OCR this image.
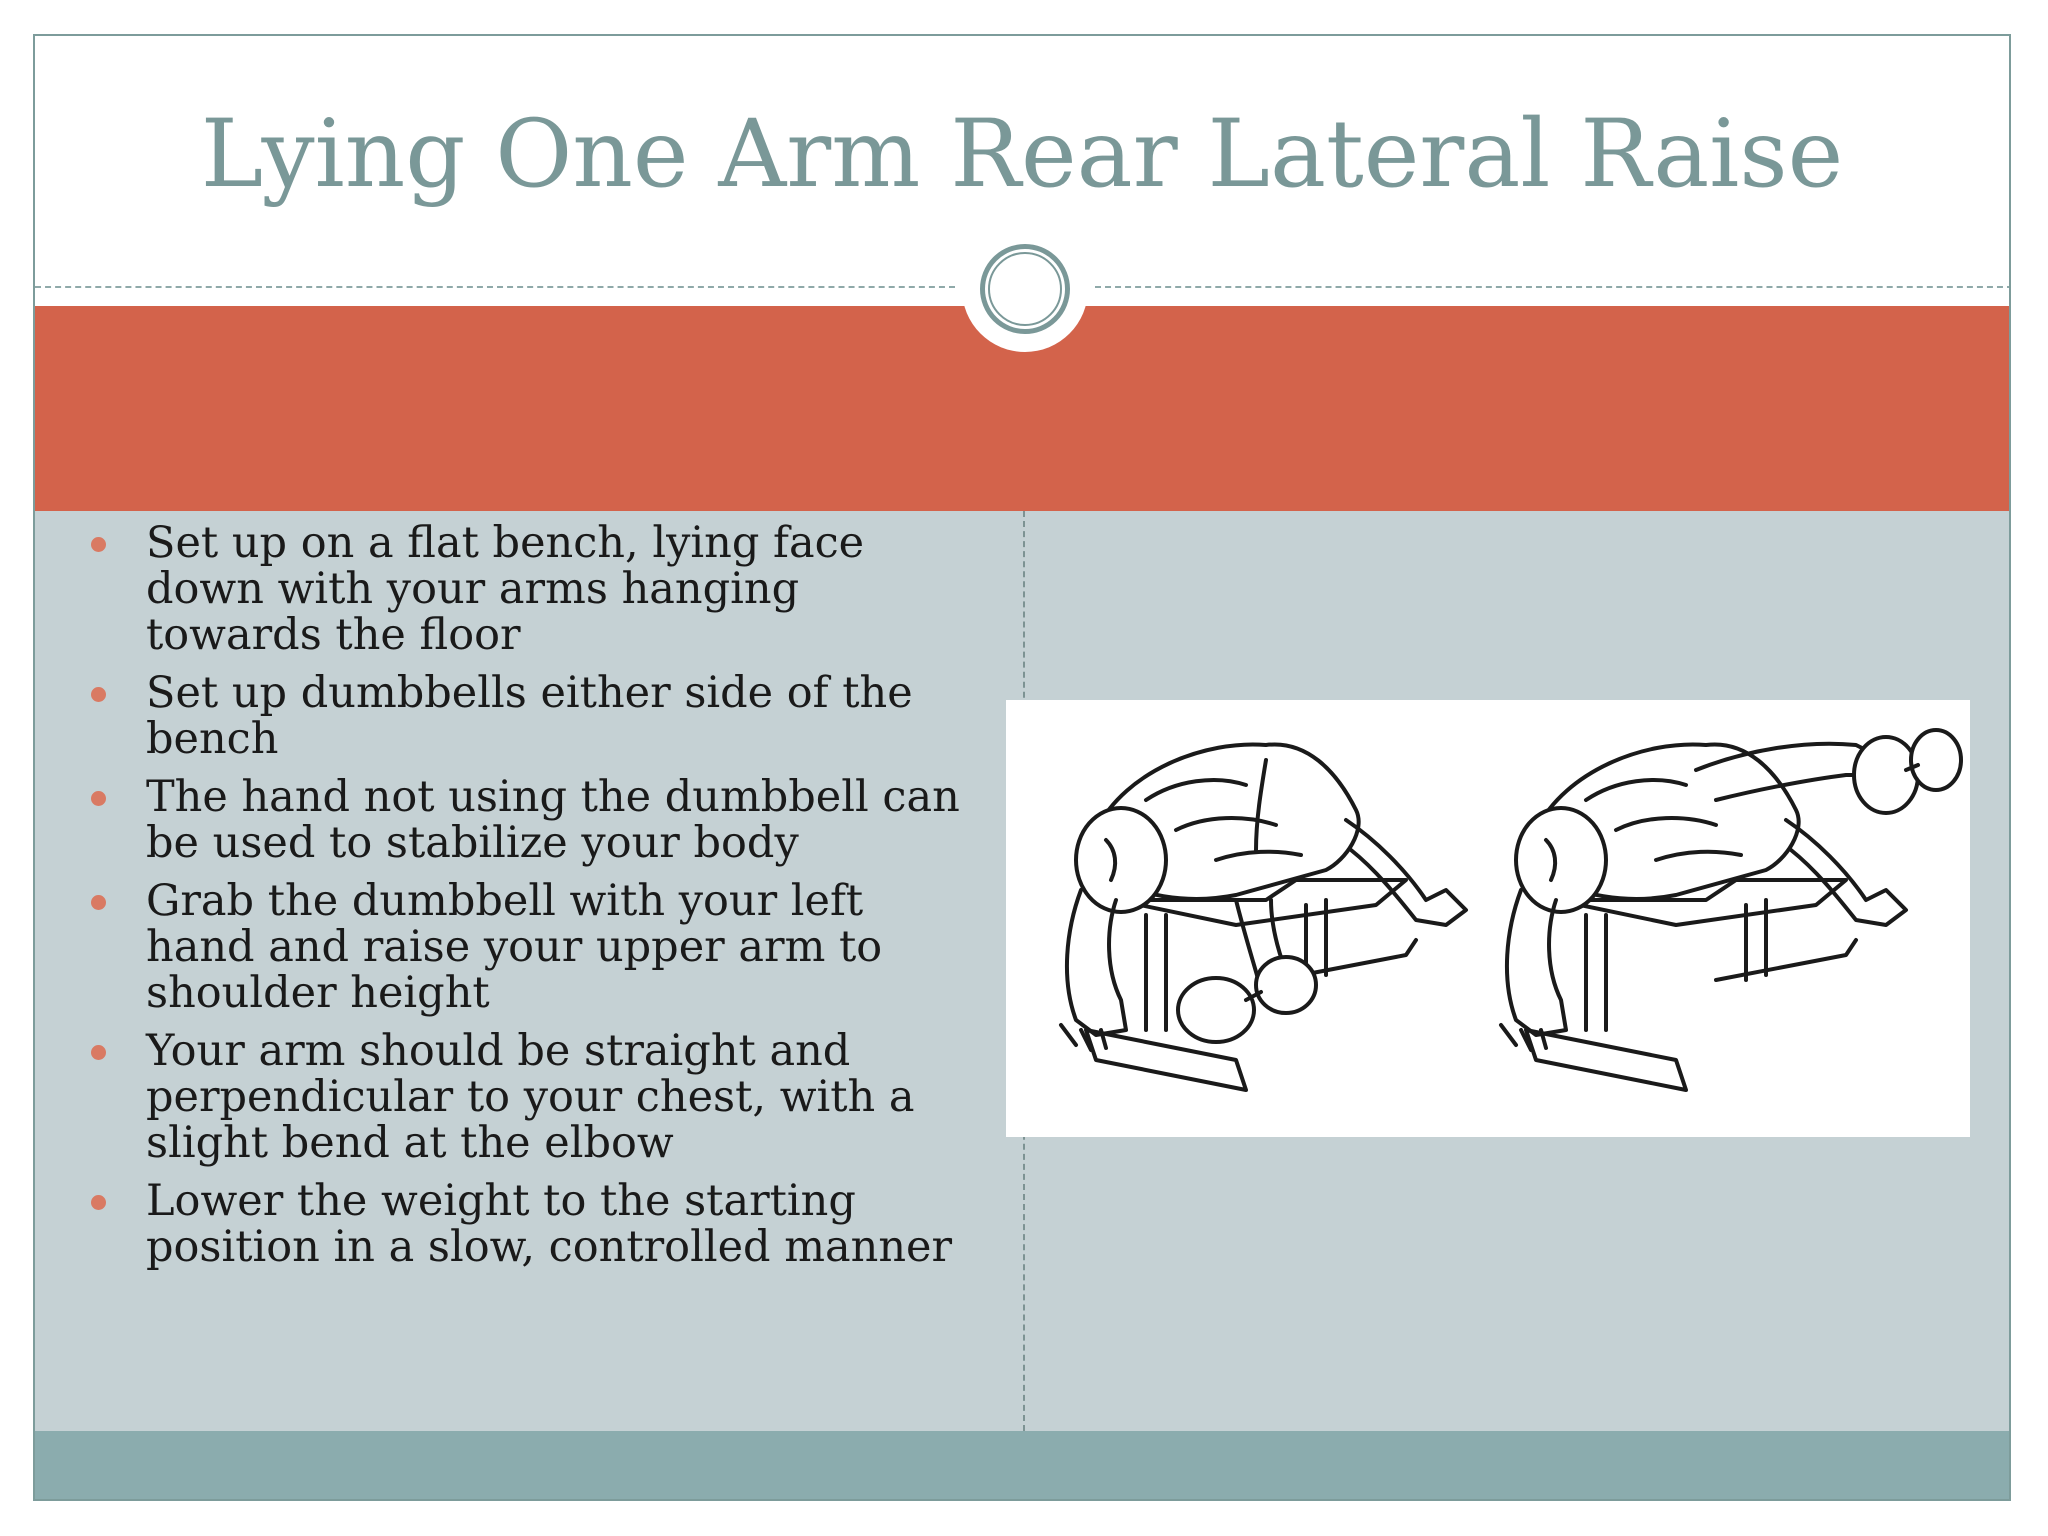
Lying One Arm Rear Lateral Raise
Set up on a flat bench, lying face down with your arms hanging towards the floor
Set up dumbbells either side of the bench
The hand not using the dumbbell can be used to stabilize your body
Grab the dumbbell with your left hand and raise your upper arm to shoulder height
Your arm should be straight and perpendicular to your chest, with a slight bend at the elbow
Lower the weight to the starting position in a slow, controlled manner
